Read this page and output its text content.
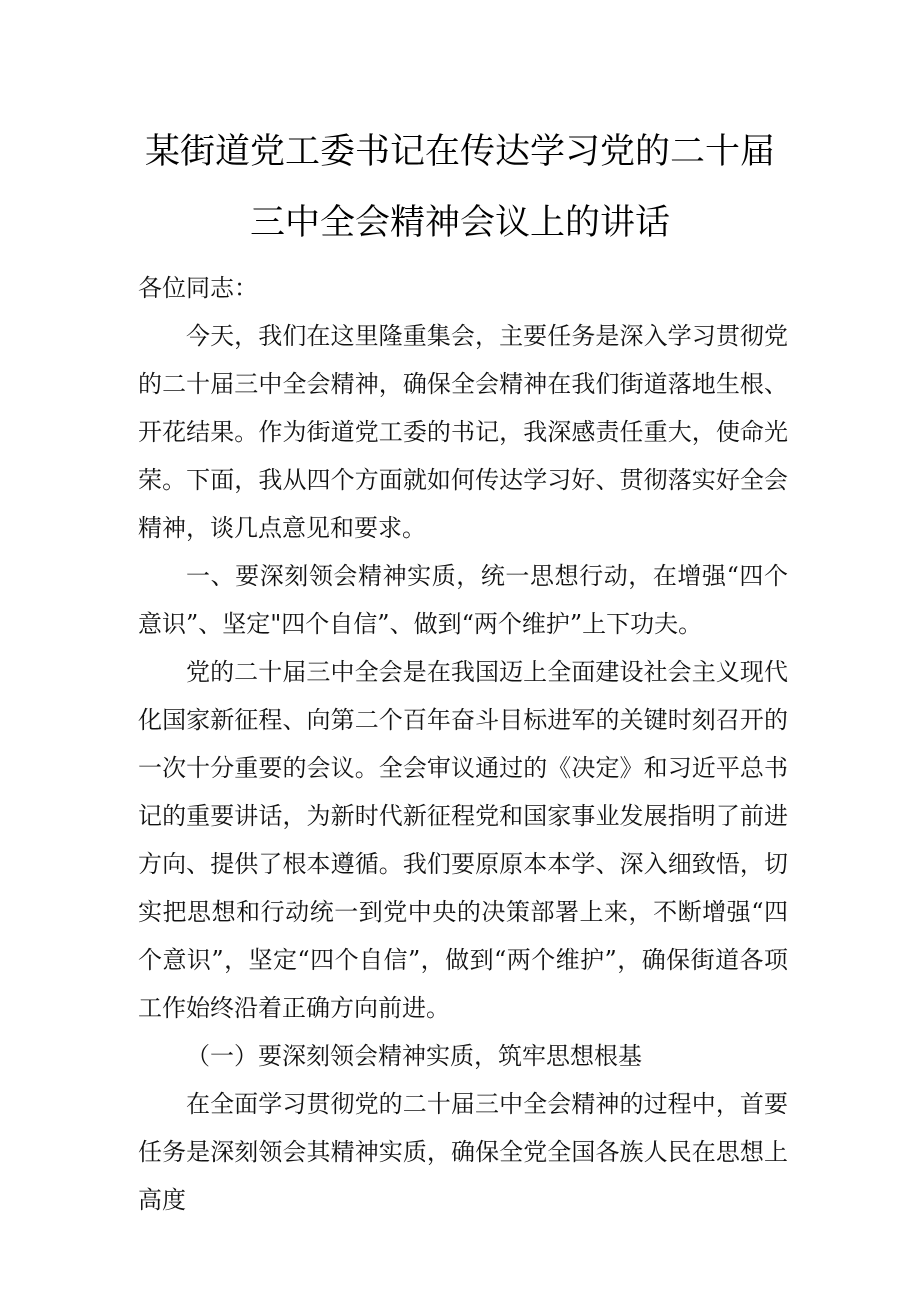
某街道党工委书记在传达学习党的二十届
三中全会精神会议上的讲话

各位同志：

今天，我们在这里隆重集会，主要任务是深入学习贯彻党的二十届三中全会精神，确保全会精神在我们街道落地生根、开花结果。作为街道党工委的书记，我深感责任重大，使命光荣。下面，我从四个方面就如何传达学习好、贯彻落实好全会精神，谈几点意见和要求。

一、要深刻领会精神实质，统一思想行动，在增强“四个意识”、坚定"四个自信”、做到“两个维护”上下功夫。

党的二十届三中全会是在我国迈上全面建设社会主义现代化国家新征程、向第二个百年奋斗目标进军的关键时刻召开的一次十分重要的会议。全会审议通过的《决定》和习近平总书记的重要讲话，为新时代新征程党和国家事业发展指明了前进方向、提供了根本遵循。我们要原原本本学、深入细致悟，切实把思想和行动统一到党中央的决策部署上来，不断增强“四个意识”，坚定“四个自信”，做到“两个维护”，确保街道各项工作始终沿着正确方向前进。

（一）要深刻领会精神实质，筑牢思想根基

在全面学习贯彻党的二十届三中全会精神的过程中，首要任务是深刻领会其精神实质，确保全党全国各族人民在思想上高度
